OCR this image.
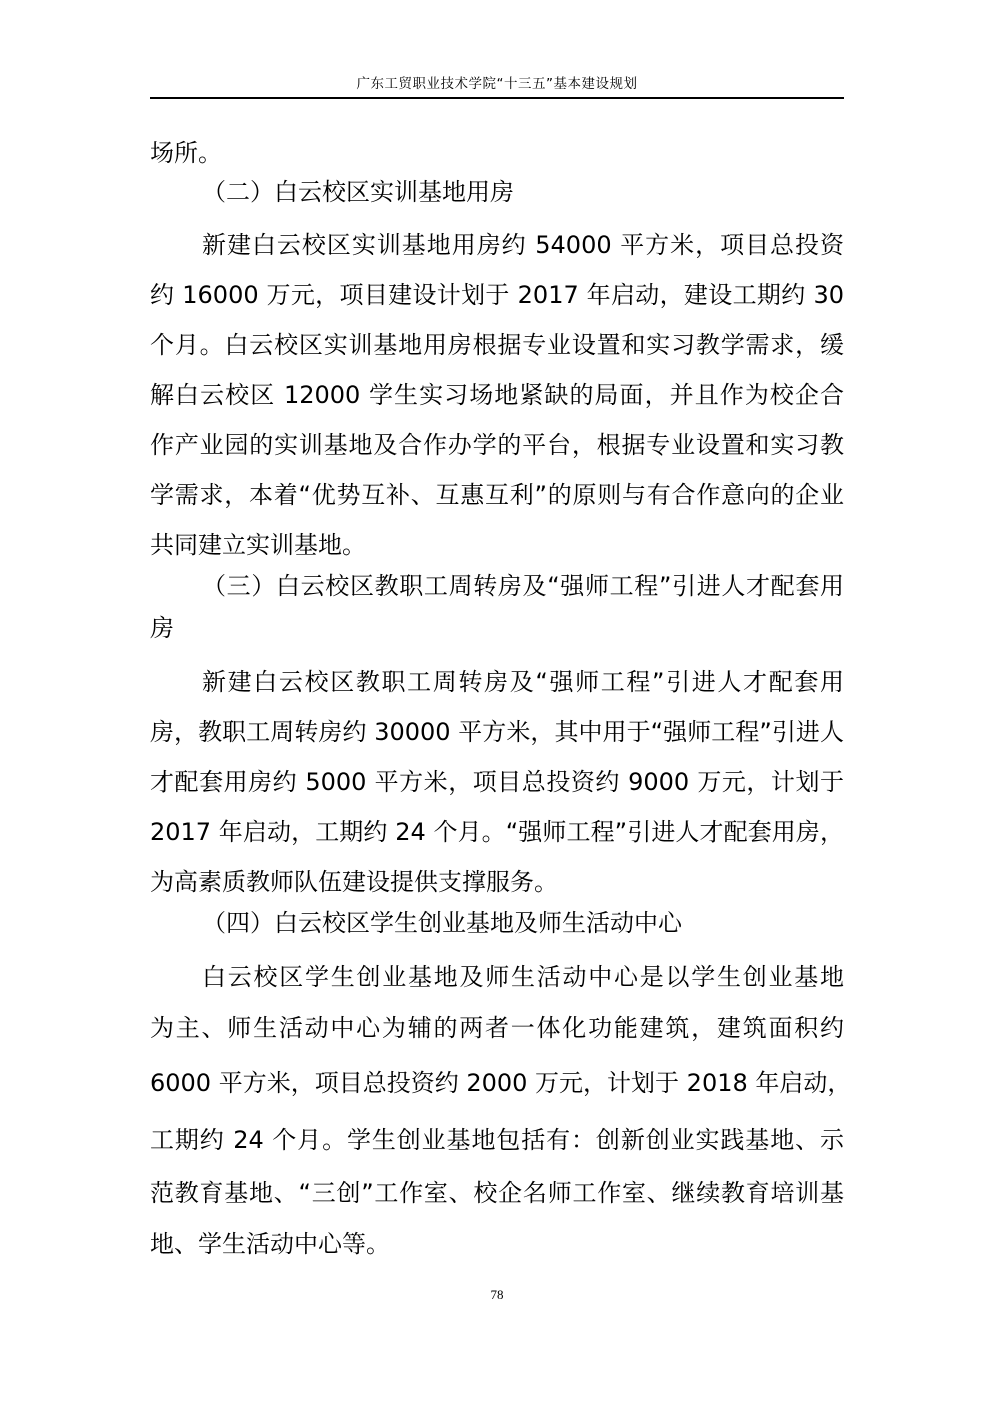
广东工贸职业技术学院“十三五”基本建设规划
场所。
（二）白云校区实训基地用房
新建白云校区实训基地用房约 54000 平方米，项目总投资
约 16000 万元，项目建设计划于 2017 年启动，建设工期约 30
个月。白云校区实训基地用房根据专业设置和实习教学需求，缓
解白云校区 12000 学生实习场地紧缺的局面，并且作为校企合
作产业园的实训基地及合作办学的平台，根据专业设置和实习教
学需求，本着“优势互补、互惠互利”的原则与有合作意向的企业
共同建立实训基地。
（三）白云校区教职工周转房及“强师工程”引进人才配套用
房
新建白云校区教职工周转房及“强师工程”引进人才配套用
房，教职工周转房约 30000 平方米，其中用于“强师工程”引进人
才配套用房约 5000 平方米，项目总投资约 9000 万元，计划于
2017 年启动，工期约 24 个月。“强师工程”引进人才配套用房，
为高素质教师队伍建设提供支撑服务。
（四）白云校区学生创业基地及师生活动中心
白云校区学生创业基地及师生活动中心是以学生创业基地
为主、师生活动中心为辅的两者一体化功能建筑，建筑面积约
6000 平方米，项目总投资约 2000 万元，计划于 2018 年启动，
工期约 24 个月。学生创业基地包括有：创新创业实践基地、示
范教育基地、“三创”工作室、校企名师工作室、继续教育培训基
地、学生活动中心等。
78
